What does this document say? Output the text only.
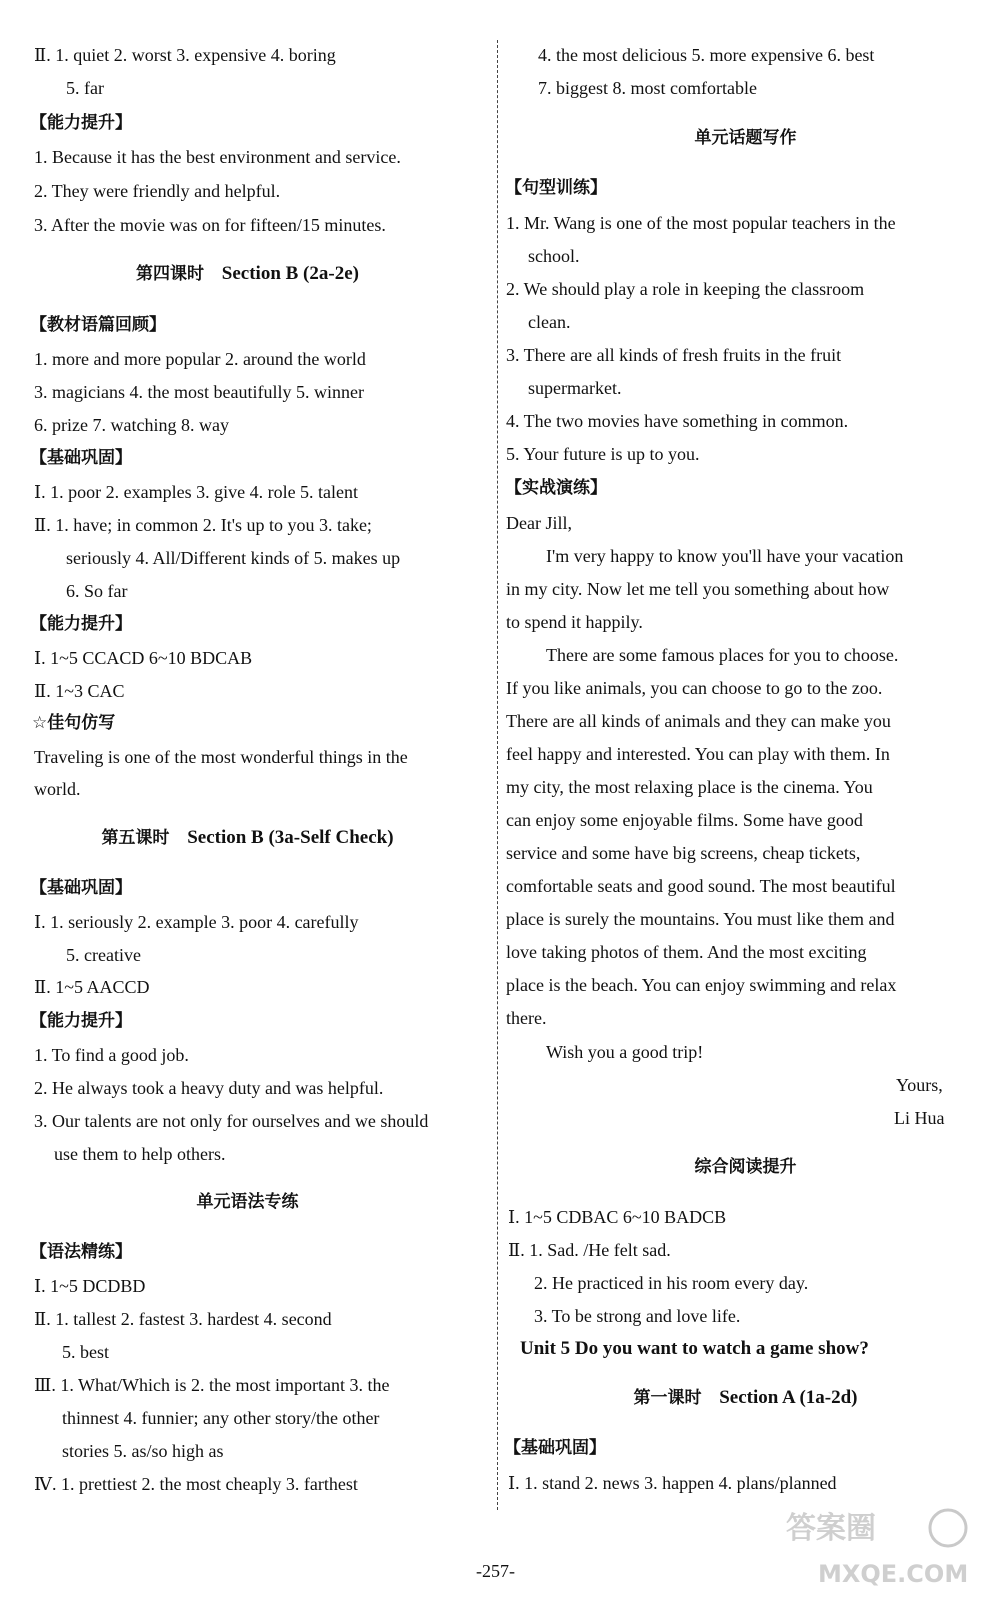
Ⅱ. 1. quiet 2. worst 3. expensive 4. boring
5. far
【能力提升】
1. Because it has the best environment and service.
2. They were friendly and helpful.
3. After the movie was on for fifteen/15 minutes.
第四课时 Section B (2a-2e)
【教材语篇回顾】
1. more and more popular 2. around the world
3. magicians 4. the most beautifully 5. winner
6. prize 7. watching 8. way
【基础巩固】
Ⅰ. 1. poor 2. examples 3. give 4. role 5. talent
Ⅱ. 1. have; in common 2. It's up to you 3. take;
seriously 4. All/Different kinds of 5. makes up
6. So far
【能力提升】
Ⅰ. 1~5 CCACD 6~10 BDCAB
Ⅱ. 1~3 CAC
☆佳句仿写
Traveling is one of the most wonderful things in the
world.
第五课时 Section B (3a-Self Check)
【基础巩固】
Ⅰ. 1. seriously 2. example 3. poor 4. carefully
5. creative
Ⅱ. 1~5 AACCD
【能力提升】
1. To find a good job.
2. He always took a heavy duty and was helpful.
3. Our talents are not only for ourselves and we should
use them to help others.
单元语法专练
【语法精练】
Ⅰ. 1~5 DCDBD
Ⅱ. 1. tallest 2. fastest 3. hardest 4. second
5. best
Ⅲ. 1. What/Which is 2. the most important 3. the
thinnest 4. funnier; any other story/the other
stories 5. as/so high as
Ⅳ. 1. prettiest 2. the most cheaply 3. farthest
4. the most delicious 5. more expensive 6. best
7. biggest 8. most comfortable
单元话题写作
【句型训练】
1. Mr. Wang is one of the most popular teachers in the
school.
2. We should play a role in keeping the classroom
clean.
3. There are all kinds of fresh fruits in the fruit
supermarket.
4. The two movies have something in common.
5. Your future is up to you.
【实战演练】
Dear Jill,
I'm very happy to know you'll have your vacation
in my city. Now let me tell you something about how
to spend it happily.
There are some famous places for you to choose.
If you like animals, you can choose to go to the zoo.
There are all kinds of animals and they can make you
feel happy and interested. You can play with them. In
my city, the most relaxing place is the cinema. You
can enjoy some enjoyable films. Some have good
service and some have big screens, cheap tickets,
comfortable seats and good sound. The most beautiful
place is surely the mountains. You must like them and
love taking photos of them. And the most exciting
place is the beach. You can enjoy swimming and relax
there.
Wish you a good trip!
Yours,
Li Hua
综合阅读提升
Ⅰ. 1~5 CDBAC 6~10 BADCB
Ⅱ. 1. Sad. /He felt sad.
2. He practiced in his room every day.
3. To be strong and love life.
Unit 5 Do you want to watch a game show?
第一课时 Section A (1a-2d)
【基础巩固】
Ⅰ. 1. stand 2. news 3. happen 4. plans/planned
-257-
答案圈
MXQE.COM
